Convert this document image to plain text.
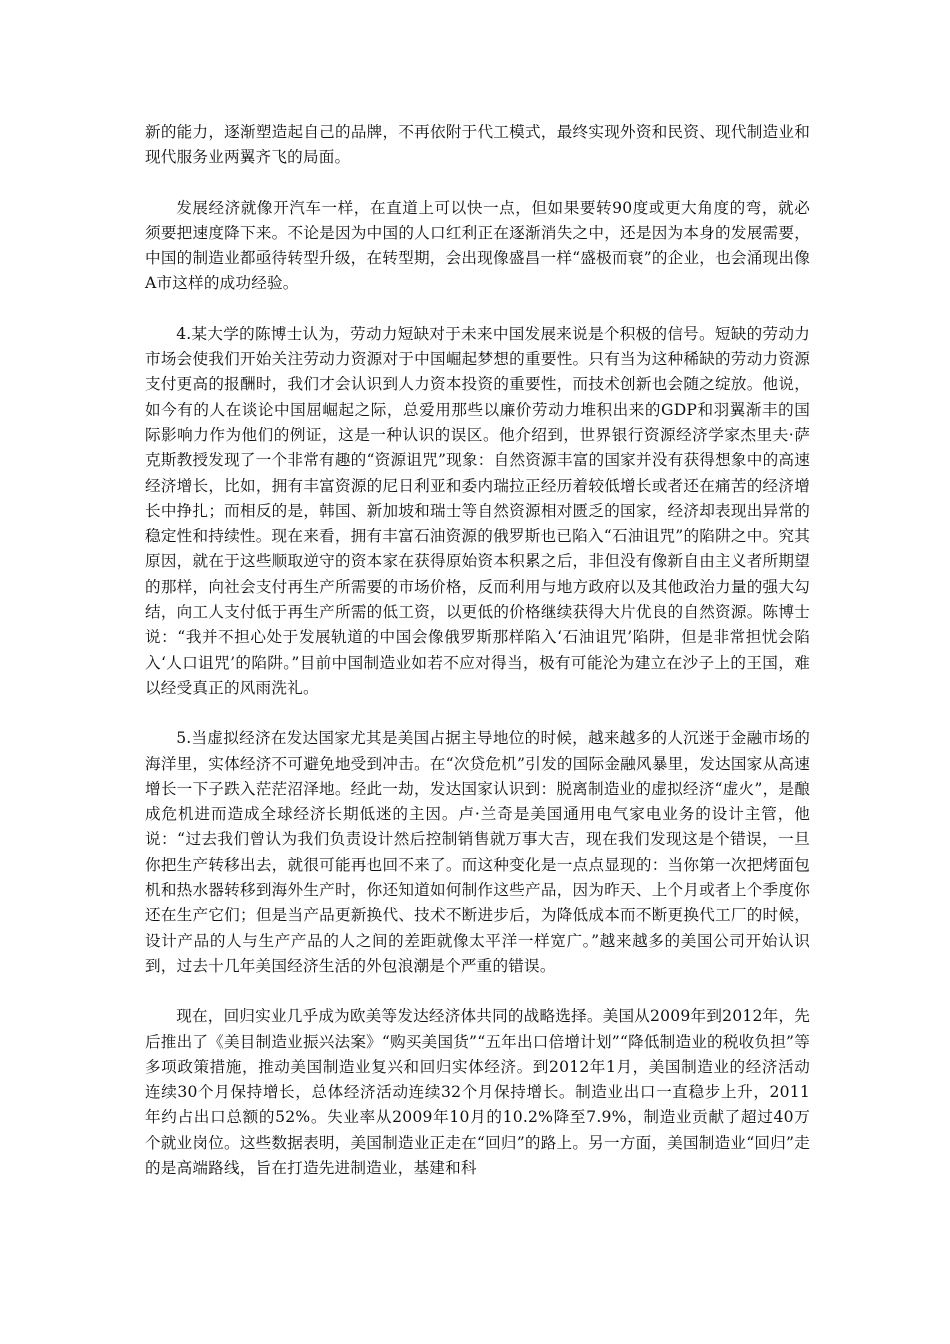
新的能力，逐渐塑造起自己的品牌，不再依附于代工模式，最终实现外资和民资、现代制造业和现代服务业两翼齐飞的局面。

发展经济就像开汽车一样，在直道上可以快一点，但如果要转90度或更大角度的弯，就必须要把速度降下来。不论是因为中国的人口红利正在逐渐消失之中，还是因为本身的发展需要，中国的制造业都亟待转型升级，在转型期，会出现像盛昌一样“盛极而衰”的企业，也会涌现出像A市这样的成功经验。

4.某大学的陈博士认为，劳动力短缺对于未来中国发展来说是个积极的信号。短缺的劳动力市场会使我们开始关注劳动力资源对于中国崛起梦想的重要性。只有当为这种稀缺的劳动力资源支付更高的报酬时，我们才会认识到人力资本投资的重要性，而技术创新也会随之绽放。他说，如今有的人在谈论中国屈崛起之际，总爱用那些以廉价劳动力堆积出来的GDP和羽翼渐丰的国际影响力作为他们的例证，这是一种认识的误区。他介绍到，世界银行资源经济学家杰里夫·萨克斯教授发现了一个非常有趣的“资源诅咒”现象：自然资源丰富的国家并没有获得想象中的高速经济增长，比如，拥有丰富资源的尼日利亚和委内瑞拉正经历着较低增长或者还在痛苦的经济增长中挣扎；而相反的是，韩国、新加坡和瑞士等自然资源相对匮乏的国家，经济却表现出异常的稳定性和持续性。现在来看，拥有丰富石油资源的俄罗斯也已陷入“石油诅咒”的陷阱之中。究其原因，就在于这些顺取逆守的资本家在获得原始资本积累之后，非但没有像新自由主义者所期望的那样，向社会支付再生产所需要的市场价格，反而利用与地方政府以及其他政治力量的强大勾结，向工人支付低于再生产所需的低工资，以更低的价格继续获得大片优良的自然资源。陈博士说：“我并不担心处于发展轨道的中国会像俄罗斯那样陷入‘石油诅咒’陷阱，但是非常担忧会陷入‘人口诅咒’的陷阱。”目前中国制造业如若不应对得当，极有可能沦为建立在沙子上的王国，难以经受真正的风雨洗礼。

5.当虚拟经济在发达国家尤其是美国占据主导地位的时候，越来越多的人沉迷于金融市场的海洋里，实体经济不可避免地受到冲击。在“次贷危机”引发的国际金融风暴里，发达国家从高速增长一下子跌入茫茫沼泽地。经此一劫，发达国家认识到：脱离制造业的虚拟经济“虚火”，是酿成危机进而造成全球经济长期低迷的主因。卢·兰奇是美国通用电气家电业务的设计主管，他说：“过去我们曾认为我们负责设计然后控制销售就万事大吉，现在我们发现这是个错误，一旦你把生产转移出去，就很可能再也回不来了。而这种变化是一点点显现的：当你第一次把烤面包机和热水器转移到海外生产时，你还知道如何制作这些产品，因为昨天、上个月或者上个季度你还在生产它们；但是当产品更新换代、技术不断进步后，为降低成本而不断更换代工厂的时候，设计产品的人与生产产品的人之间的差距就像太平洋一样宽广。”越来越多的美国公司开始认识到，过去十几年美国经济生活的外包浪潮是个严重的错误。

现在，回归实业几乎成为欧美等发达经济体共同的战略选择。美国从2009年到2012年，先后推出了《美目制造业振兴法案》“购买美国货”“五年出口倍增计划”“降低制造业的税收负担”等多项政策措施，推动美国制造业复兴和回归实体经济。到2012年1月，美国制造业的经济活动连续30个月保持增长，总体经济活动连续32个月保持增长。制造业出口一直稳步上升，2011年约占出口总额的52%。失业率从2009年10月的10.2%降至7.9%，制造业贡献了超过40万个就业岗位。这些数据表明，美国制造业正走在“回归”的路上。另一方面，美国制造业“回归”走的是高端路线，旨在打造先进制造业，基建和科
